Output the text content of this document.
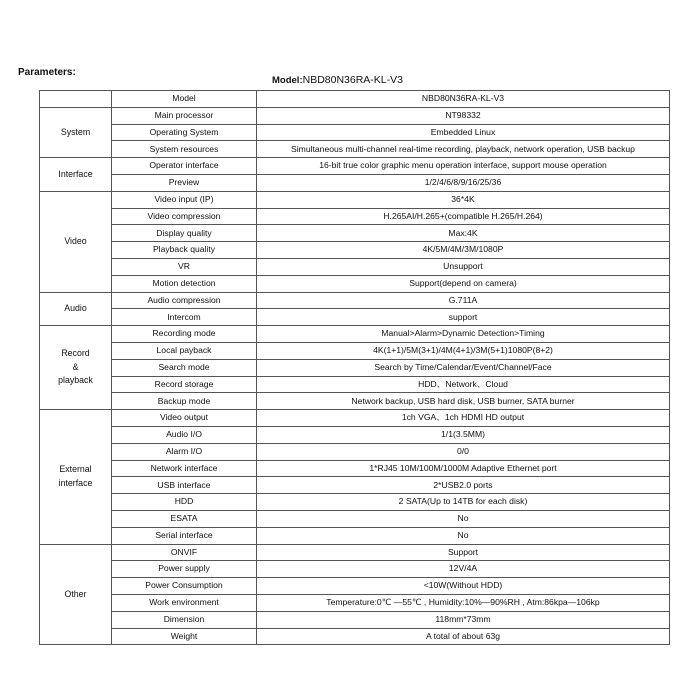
Parameters:
Model:NBD80N36RA-KL-V3
	Model	NBD80N36RA-KL-V3
System	Main processor	NT98332
	Operating System	Embedded Linux
	System resources	Simultaneous multi-channel real-time recording, playback, network operation, USB backup
Interface	Operator interface	16-bit true color graphic menu operation interface, support mouse operation
	Preview	1/2/4/6/8/9/16/25/36
Video	Video input (IP)	36*4K
	Video compression	H.265AI/H.265+(compatible H.265/H.264)
	Display quality	Max:4K
	Playback quality	4K/5M/4M/3M/1080P
	VR	Unsupport
	Motion detection	Support(depend on camera)
Audio	Audio compression	G.711A
	Intercom	support

Record
&
playback	Recording mode	Manual>Alarm>Dynamic Detection>Timing
	Local payback	4K(1+1)/5M(3+1)/4M(4+1)/3M(5+1)1080P(8+2)
	Search mode	Search by Time/Calendar/Event/Channel/Face
	Record storage	HDD、Network、Cloud
	Backup mode	Network backup, USB hard disk, USB burner, SATA burner

External
interface	Video output	1ch VGA、1ch HDMI HD output
	Audio I/O	1/1(3.5MM)
	Alarm I/O	0/0
	Network interface	1*RJ45 10M/100M/1000M Adaptive Ethernet port
	USB interface	2*USB2.0 ports
	HDD	2 SATA(Up to 14TB for each disk)
	ESATA	No
	Serial interface	No
Other	ONVIF	Support
	Power supply	12V/4A
	Power Consumption	<10W(Without HDD)
	Work environment	Temperature:0℃ —55℃ , Humidity:10%—90%RH , Atm:86kpa—106kp
	Dimension	118mm*73mm
	Weight	A total of about 63g
